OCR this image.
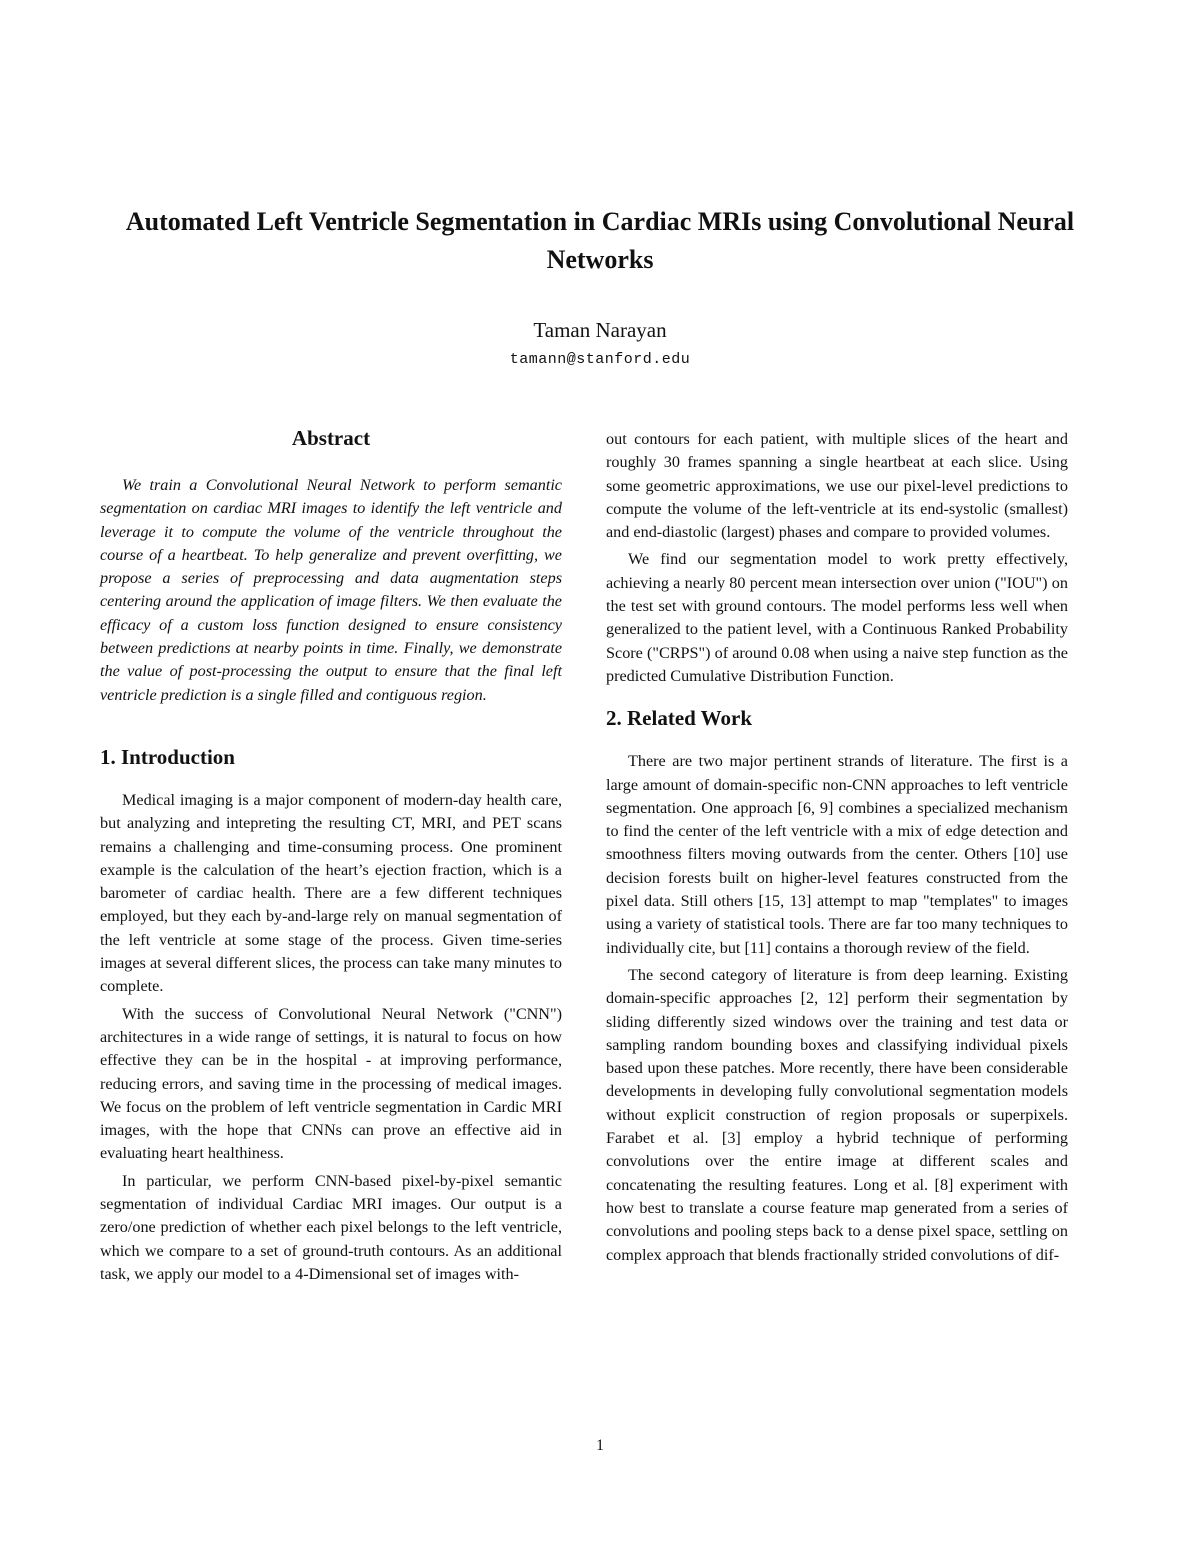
Automated Left Ventricle Segmentation in Cardiac MRIs using Convolutional Neural Networks

Taman Narayan

tamann@stanford.edu

Abstract

We train a Convolutional Neural Network to perform semantic segmentation on cardiac MRI images to identify the left ventricle and leverage it to compute the volume of the ventricle throughout the course of a heartbeat. To help generalize and prevent overfitting, we propose a series of preprocessing and data augmentation steps centering around the application of image filters. We then evaluate the efficacy of a custom loss function designed to ensure consistency between predictions at nearby points in time. Finally, we demonstrate the value of post-processing the output to ensure that the final left ventricle prediction is a single filled and contiguous region.

1. Introduction

Medical imaging is a major component of modern-day health care, but analyzing and intepreting the resulting CT, MRI, and PET scans remains a challenging and time-consuming process. One prominent example is the calculation of the heart’s ejection fraction, which is a barometer of cardiac health. There are a few different techniques employed, but they each by-and-large rely on manual segmentation of the left ventricle at some stage of the process. Given time-series images at several different slices, the process can take many minutes to complete.

With the success of Convolutional Neural Network ("CNN") architectures in a wide range of settings, it is natural to focus on how effective they can be in the hospital - at improving performance, reducing errors, and saving time in the processing of medical images. We focus on the problem of left ventricle segmentation in Cardic MRI images, with the hope that CNNs can prove an effective aid in evaluating heart healthiness.

In particular, we perform CNN-based pixel-by-pixel semantic segmentation of individual Cardiac MRI images. Our output is a zero/one prediction of whether each pixel belongs to the left ventricle, which we compare to a set of ground-truth contours. As an additional task, we apply our model to a 4-Dimensional set of images with-

out contours for each patient, with multiple slices of the heart and roughly 30 frames spanning a single heartbeat at each slice. Using some geometric approximations, we use our pixel-level predictions to compute the volume of the left-ventricle at its end-systolic (smallest) and end-diastolic (largest) phases and compare to provided volumes.

We find our segmentation model to work pretty effectively, achieving a nearly 80 percent mean intersection over union ("IOU") on the test set with ground contours. The model performs less well when generalized to the patient level, with a Continuous Ranked Probability Score ("CRPS") of around 0.08 when using a naive step function as the predicted Cumulative Distribution Function.

2. Related Work

There are two major pertinent strands of literature. The first is a large amount of domain-specific non-CNN approaches to left ventricle segmentation. One approach [6, 9] combines a specialized mechanism to find the center of the left ventricle with a mix of edge detection and smoothness filters moving outwards from the center. Others [10] use decision forests built on higher-level features constructed from the pixel data. Still others [15, 13] attempt to map "templates" to images using a variety of statistical tools. There are far too many techniques to individually cite, but [11] contains a thorough review of the field.

The second category of literature is from deep learning. Existing domain-specific approaches [2, 12] perform their segmentation by sliding differently sized windows over the training and test data or sampling random bounding boxes and classifying individual pixels based upon these patches. More recently, there have been considerable developments in developing fully convolutional segmentation models without explicit construction of region proposals or superpixels. Farabet et al. [3] employ a hybrid technique of performing convolutions over the entire image at different scales and concatenating the resulting features. Long et al. [8] experiment with how best to translate a course feature map generated from a series of convolutions and pooling steps back to a dense pixel space, settling on complex approach that blends fractionally strided convolutions of dif-

1
